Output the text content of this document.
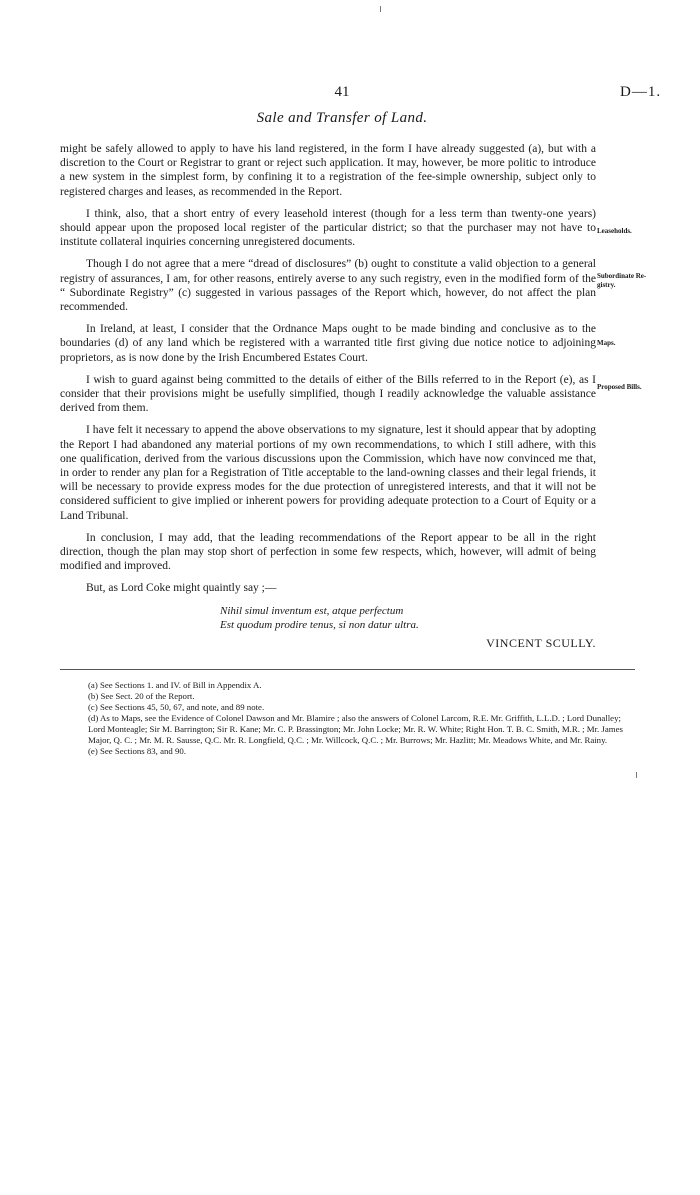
41	D—1.
Sale and Transfer of Land.

might be safely allowed to apply to have his land registered, in the form I have already suggested (a), but with a discretion to the Court or Registrar to grant or reject such application. It may, however, be more politic to introduce a new system in the simplest form, by confining it to a registration of the fee-simple ownership, subject only to registered charges and leases, as recommended in the Report.

I think, also, that a short entry of every leasehold interest (though for a less term than twenty-one years) should appear upon the proposed local register of the particular district; so that the purchaser may not have to institute collateral inquiries concerning unregistered documents.

Though I do not agree that a mere “dread of disclosures” (b) ought to constitute a valid objection to a general registry of assurances, I am, for other reasons, entirely averse to any such registry, even in the modified form of the “ Subordinate Registry” (c) suggested in various passages of the Report which, however, do not affect the plan recommended.

In Ireland, at least, I consider that the Ordnance Maps ought to be made binding and conclusive as to the boundaries (d) of any land which be registered with a warranted title first giving due notice notice to adjoining proprietors, as is now done by the Irish Encumbered Estates Court.

I wish to guard against being committed to the details of either of the Bills referred to in the Report (e), as I consider that their provisions might be usefully simplified, though I readily acknowledge the valuable assistance derived from them.

I have felt it necessary to append the above observations to my signature, lest it should appear that by adopting the Report I had abandoned any material portions of my own recommendations, to which I still adhere, with this one qualification, derived from the various discussions upon the Commission, which have now convinced me that, in order to render any plan for a Registration of Title acceptable to the land-owning classes and their legal friends, it will be necessary to provide express modes for the due protection of unregistered interests, and that it will not be considered sufficient to give implied or inherent powers for providing adequate protection to a Court of Equity or a Land Tribunal.

In conclusion, I may add, that the leading recommendations of the Report appear to be all in the right direction, though the plan may stop short of perfection in some few respects, which, however, will admit of being modified and improved.

But, as Lord Coke might quaintly say ;—

Nihil simul inventum est, atque perfectum
Est quodum prodire tenus, si non datur ultra.
VINCENT SCULLY.
Leaseholds.
Subordinate Re-
gistry.
Maps.
Proposed Bills.
(a) See Sections 1. and IV. of Bill in Appendix A.
(b) See Sect. 20 of the Report.
(c) See Sections 45, 50, 67, and note, and 89 note.
(d) As to Maps, see the Evidence of Colonel Dawson and Mr. Blamire ; also the answers of Colonel Larcom, R.E. Mr. Griffith, L.L.D. ; Lord Dunalley; Lord Monteagle; Sir M. Barrington; Sir R. Kane; Mr. C. P. Brassington; Mr. John Locke; Mr. R. W. White; Right Hon. T. B. C. Smith, M.R. ; Mr. James Major, Q. C. ; Mr. M. R. Sausse, Q.C. Mr. R. Longfield, Q.C. ; Mr. Willcock, Q.C. ; Mr. Burrows; Mr. Hazlitt; Mr. Meadows White, and Mr. Rainy.
(e) See Sections 83, and 90.
